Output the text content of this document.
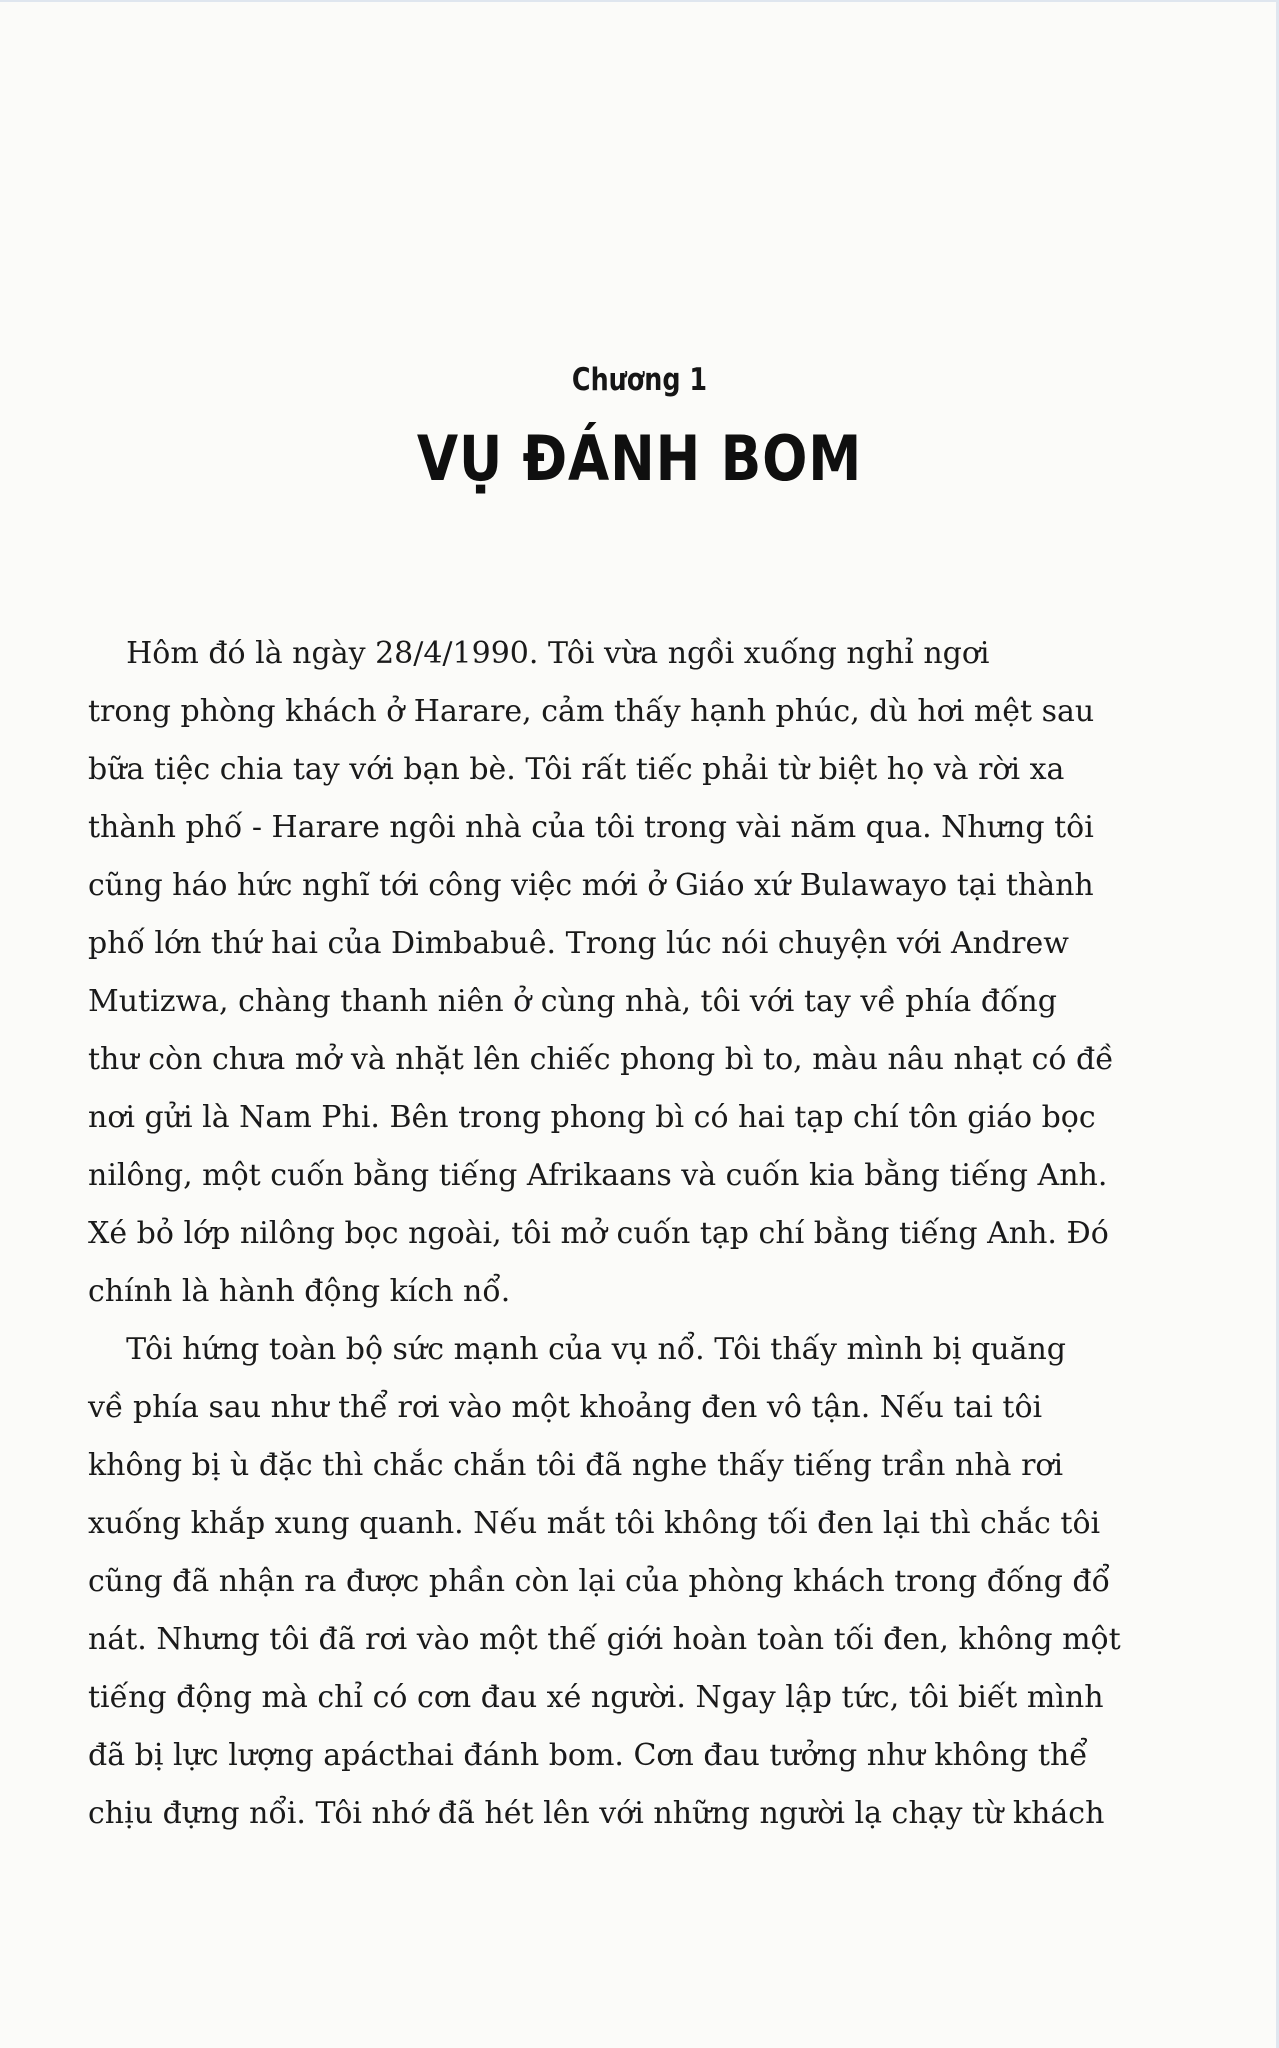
Chương 1
VỤ ĐÁNH BOM
Hôm đó là ngày 28/4/1990. Tôi vừa ngồi xuống nghỉ ngơi
trong phòng khách ở Harare, cảm thấy hạnh phúc, dù hơi mệt sau
bữa tiệc chia tay với bạn bè. Tôi rất tiếc phải từ biệt họ và rời xa
thành phố - Harare ngôi nhà của tôi trong vài năm qua. Nhưng tôi
cũng háo hức nghĩ tới công việc mới ở Giáo xứ Bulawayo tại thành
phố lớn thứ hai của Dimbabuê. Trong lúc nói chuyện với Andrew
Mutizwa, chàng thanh niên ở cùng nhà, tôi với tay về phía đống
thư còn chưa mở và nhặt lên chiếc phong bì to, màu nâu nhạt có đề
nơi gửi là Nam Phi. Bên trong phong bì có hai tạp chí tôn giáo bọc
nilông, một cuốn bằng tiếng Afrikaans và cuốn kia bằng tiếng Anh.
Xé bỏ lớp nilông bọc ngoài, tôi mở cuốn tạp chí bằng tiếng Anh. Đó
chính là hành động kích nổ.
Tôi hứng toàn bộ sức mạnh của vụ nổ. Tôi thấy mình bị quăng
về phía sau như thể rơi vào một khoảng đen vô tận. Nếu tai tôi
không bị ù đặc thì chắc chắn tôi đã nghe thấy tiếng trần nhà rơi
xuống khắp xung quanh. Nếu mắt tôi không tối đen lại thì chắc tôi
cũng đã nhận ra được phần còn lại của phòng khách trong đống đổ
nát. Nhưng tôi đã rơi vào một thế giới hoàn toàn tối đen, không một
tiếng động mà chỉ có cơn đau xé người. Ngay lập tức, tôi biết mình
đã bị lực lượng apácthai đánh bom. Cơn đau tưởng như không thể
chịu đựng nổi. Tôi nhớ đã hét lên với những người lạ chạy từ khách
